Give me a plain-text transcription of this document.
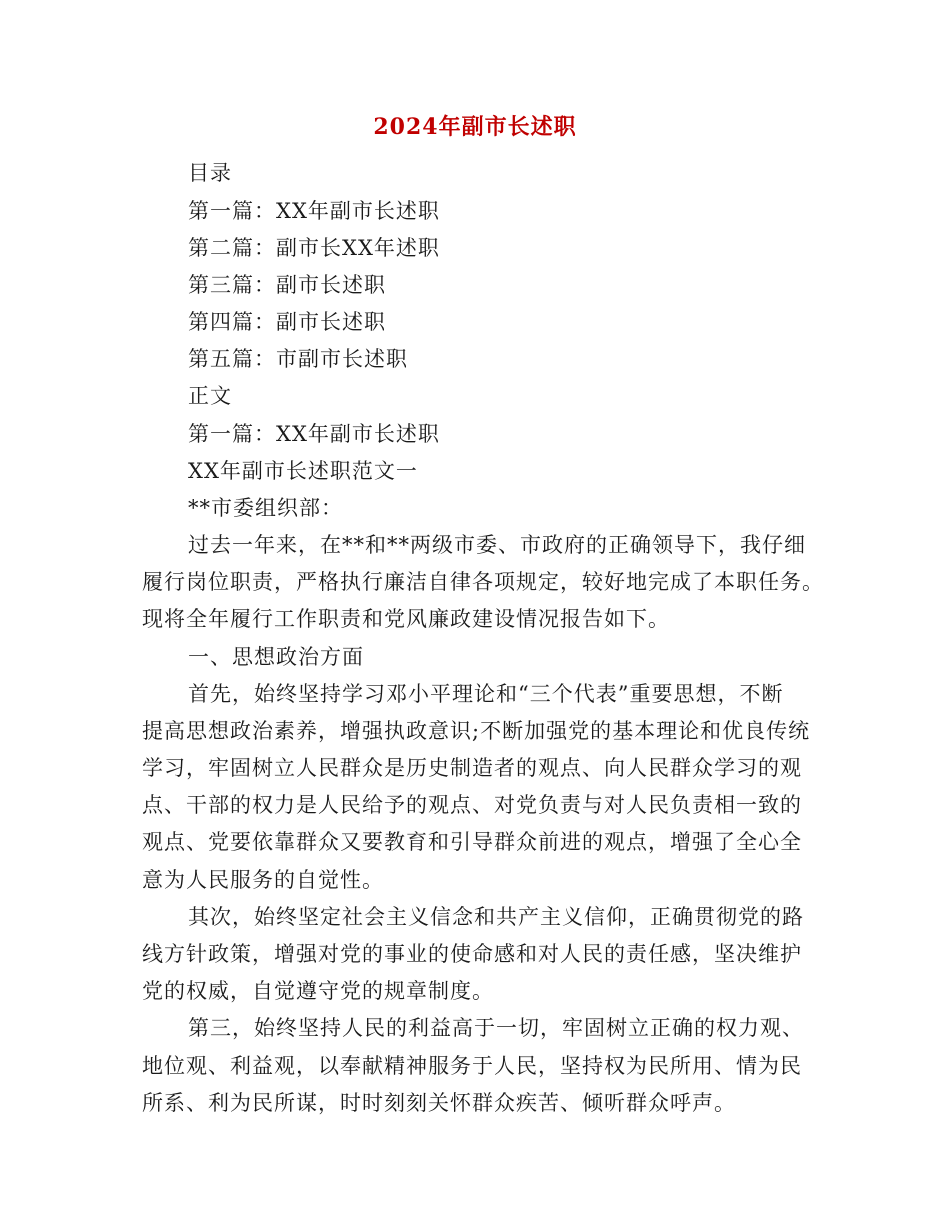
2024年副市长述职
目录
第一篇：XX年副市长述职
第二篇：副市长XX年述职
第三篇：副市长述职
第四篇：副市长述职
第五篇：市副市长述职
正文
第一篇：XX年副市长述职
XX年副市长述职范文一
**市委组织部：
过去一年来，在**和**两级市委、市政府的正确领导下，我仔细
履行岗位职责，严格执行廉洁自律各项规定，较好地完成了本职任务。
现将全年履行工作职责和党风廉政建设情况报告如下。
一、思想政治方面
首先，始终坚持学习邓小平理论和“三个代表”重要思想，不断
提高思想政治素养，增强执政意识;不断加强党的基本理论和优良传统
学习，牢固树立人民群众是历史制造者的观点、向人民群众学习的观
点、干部的权力是人民给予的观点、对党负责与对人民负责相一致的
观点、党要依靠群众又要教育和引导群众前进的观点，增强了全心全
意为人民服务的自觉性。
其次，始终坚定社会主义信念和共产主义信仰，正确贯彻党的路
线方针政策，增强对党的事业的使命感和对人民的责任感，坚决维护
党的权威，自觉遵守党的规章制度。
第三，始终坚持人民的利益高于一切，牢固树立正确的权力观、
地位观、利益观，以奉献精神服务于人民，坚持权为民所用、情为民
所系、利为民所谋，时时刻刻关怀群众疾苦、倾听群众呼声。
